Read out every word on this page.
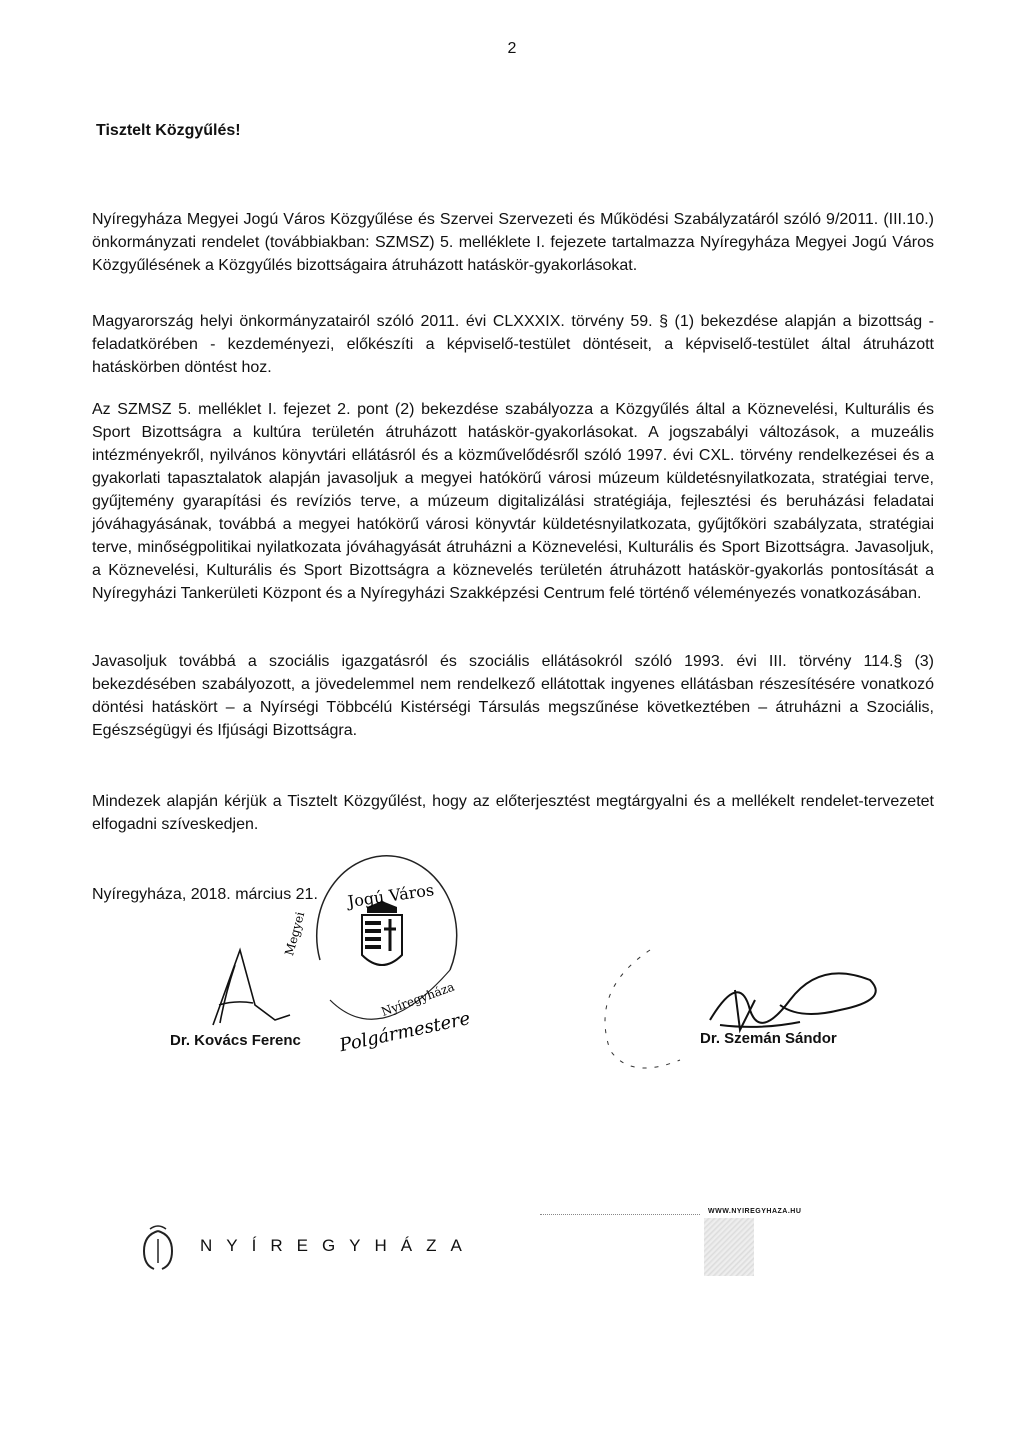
2
Tisztelt Közgyűlés!
Nyíregyháza Megyei Jogú Város Közgyűlése és Szervei Szervezeti és Működési Szabályzatáról szóló 9/2011. (III.10.) önkormányzati rendelet (továbbiakban: SZMSZ) 5. melléklete I. fejezete tartalmazza Nyíregyháza Megyei Jogú Város Közgyűlésének a Közgyűlés bizottságaira átruházott hatáskör-gyakorlásokat.
Magyarország helyi önkormányzatairól szóló 2011. évi CLXXXIX. törvény 59. § (1) bekezdése alapján a bizottság - feladatkörében - kezdeményezi, előkészíti a képviselő-testület döntéseit, a képviselő-testület által átruházott hatáskörben döntést hoz.
Az SZMSZ 5. melléklet I. fejezet 2. pont (2) bekezdése szabályozza a Közgyűlés által a Köznevelési, Kulturális és Sport Bizottságra a kultúra területén átruházott hatáskör-gyakorlásokat. A jogszabályi változások, a muzeális intézményekről, nyilvános könyvtári ellátásról és a közművelődésről szóló 1997. évi CXL. törvény rendelkezései és a gyakorlati tapasztalatok alapján javasoljuk a megyei hatókörű városi múzeum küldetésnyilatkozata, stratégiai terve, gyűjtemény gyarapítási és revíziós terve, a múzeum digitalizálási stratégiája, fejlesztési és beruházási feladatai jóváhagyásának, továbbá a megyei hatókörű városi könyvtár küldetésnyilatkozata, gyűjtőköri szabályzata, stratégiai terve, minőségpolitikai nyilatkozata jóváhagyását átruházni a Köznevelési, Kulturális és Sport Bizottságra. Javasoljuk, a Köznevelési, Kulturális és Sport Bizottságra a köznevelés területén átruházott hatáskör-gyakorlás pontosítását a Nyíregyházi Tankerületi Központ és a Nyíregyházi Szakképzési Centrum felé történő véleményezés vonatkozásában.
Javasoljuk továbbá a szociális igazgatásról és szociális ellátásokról szóló 1993. évi III. törvény 114.§ (3) bekezdésében szabályozott, a jövedelemmel nem rendelkező ellátottak ingyenes ellátásban részesítésére vonatkozó döntési hatáskört – a Nyírségi Többcélú Kistérségi Társulás megszűnése következtében – átruházni a Szociális, Egészségügyi és Ifjúsági Bizottságra.
Mindezek alapján kérjük a Tisztelt Közgyűlést, hogy az előterjesztést megtárgyalni és a mellékelt rendelet-tervezetet elfogadni szíveskedjen.
Nyíregyháza, 2018. március 21. Jogú Város
Megyei
Nyíregyháza
Polgármestere
Dr. Kovács Ferenc	Dr. Szemán Sándor
NYÍREGYHÁZA
WWW.NYIREGYHAZA.HU
